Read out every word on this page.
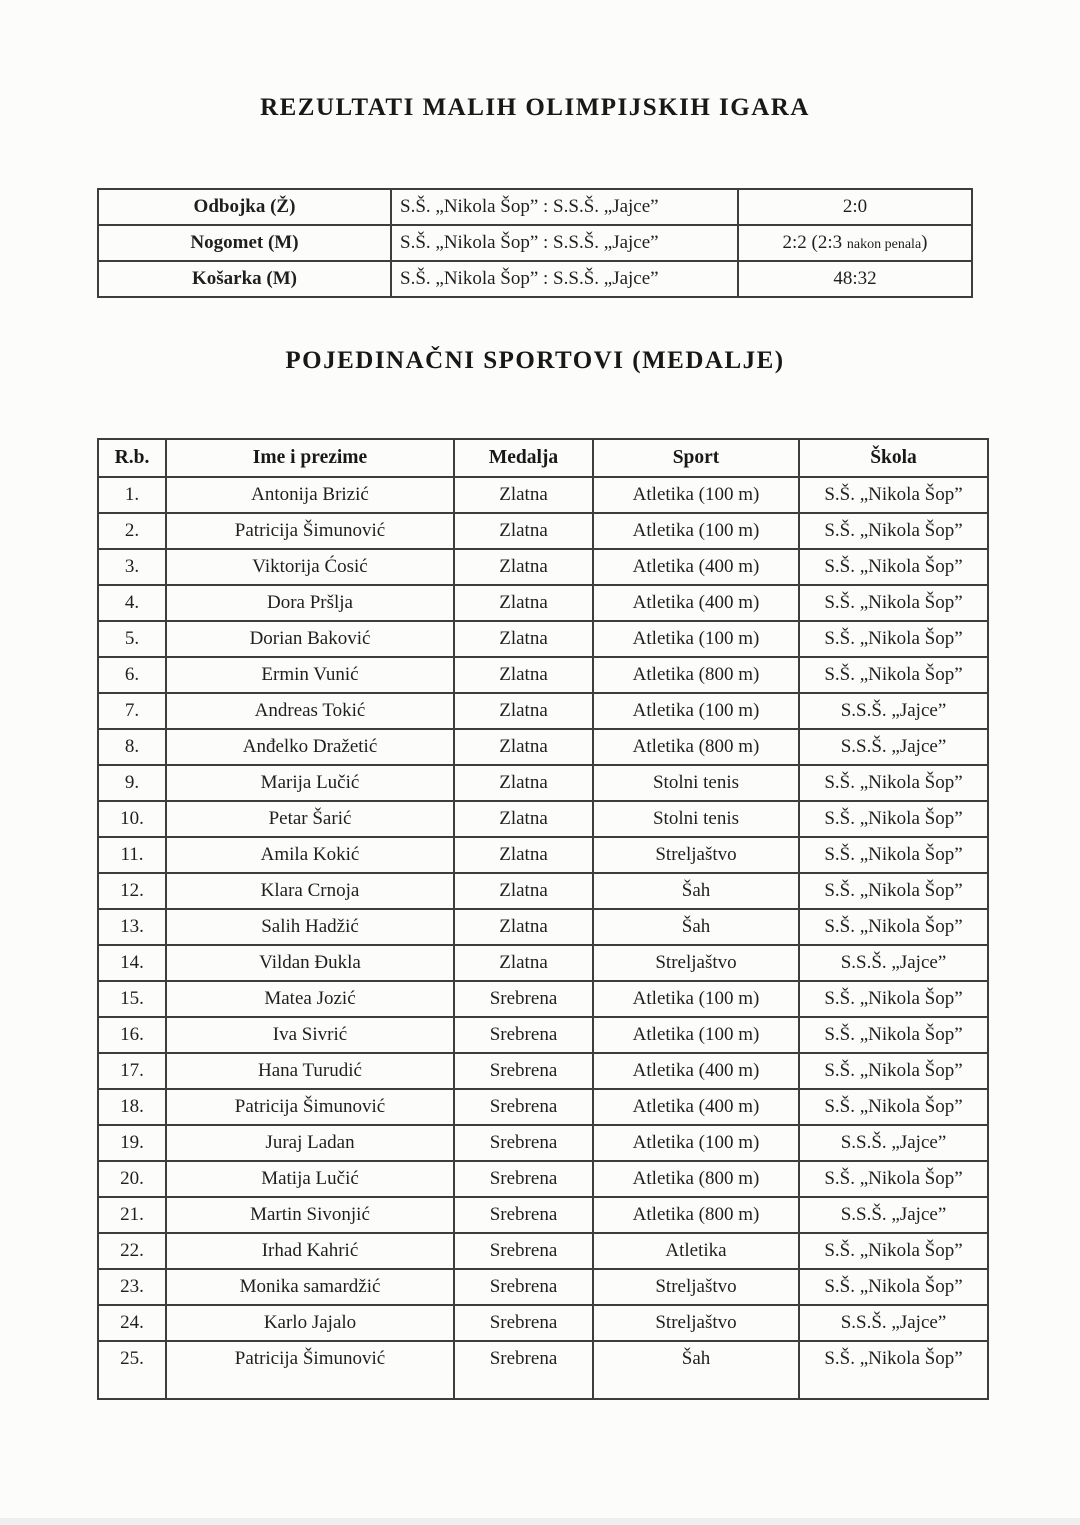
REZULTATI MALIH OLIMPIJSKIH IGARA
Odbojka (Ž)	S.Š. „Nikola Šop” : S.S.Š. „Jajce”	2:0
Nogomet (M)	S.Š. „Nikola Šop” : S.S.Š. „Jajce”	2:2 (2:3 nakon penala)
Košarka (M)	S.Š. „Nikola Šop” : S.S.Š. „Jajce”	48:32
POJEDINAČNI SPORTOVI (MEDALJE)
R.b.	Ime i prezime	Medalja	Sport	Škola
1.	Antonija Brizić	Zlatna	Atletika (100 m)	S.Š. „Nikola Šop”
2.	Patricija Šimunović	Zlatna	Atletika (100 m)	S.Š. „Nikola Šop”
3.	Viktorija Ćosić	Zlatna	Atletika (400 m)	S.Š. „Nikola Šop”
4.	Dora Pršlja	Zlatna	Atletika (400 m)	S.Š. „Nikola Šop”
5.	Dorian Baković	Zlatna	Atletika (100 m)	S.Š. „Nikola Šop”
6.	Ermin Vunić	Zlatna	Atletika (800 m)	S.Š. „Nikola Šop”
7.	Andreas Tokić	Zlatna	Atletika (100 m)	S.S.Š. „Jajce”
8.	Anđelko Dražetić	Zlatna	Atletika (800 m)	S.S.Š. „Jajce”
9.	Marija Lučić	Zlatna	Stolni tenis	S.Š. „Nikola Šop”
10.	Petar Šarić	Zlatna	Stolni tenis	S.Š. „Nikola Šop”
11.	Amila Kokić	Zlatna	Streljaštvo	S.Š. „Nikola Šop”
12.	Klara Crnoja	Zlatna	Šah	S.Š. „Nikola Šop”
13.	Salih Hadžić	Zlatna	Šah	S.Š. „Nikola Šop”
14.	Vildan Đukla	Zlatna	Streljaštvo	S.S.Š. „Jajce”
15.	Matea Jozić	Srebrena	Atletika (100 m)	S.Š. „Nikola Šop”
16.	Iva Sivrić	Srebrena	Atletika (100 m)	S.Š. „Nikola Šop”
17.	Hana Turudić	Srebrena	Atletika (400 m)	S.Š. „Nikola Šop”
18.	Patricija Šimunović	Srebrena	Atletika (400 m)	S.Š. „Nikola Šop”
19.	Juraj Ladan	Srebrena	Atletika (100 m)	S.S.Š. „Jajce”
20.	Matija Lučić	Srebrena	Atletika (800 m)	S.Š. „Nikola Šop”
21.	Martin Sivonjić	Srebrena	Atletika (800 m)	S.S.Š. „Jajce”
22.	Irhad Kahrić	Srebrena	Atletika	S.Š. „Nikola Šop”
23.	Monika samardžić	Srebrena	Streljaštvo	S.Š. „Nikola Šop”
24.	Karlo Jajalo	Srebrena	Streljaštvo	S.S.Š. „Jajce”
25.	Patricija Šimunović	Srebrena	Šah	S.Š. „Nikola Šop”
